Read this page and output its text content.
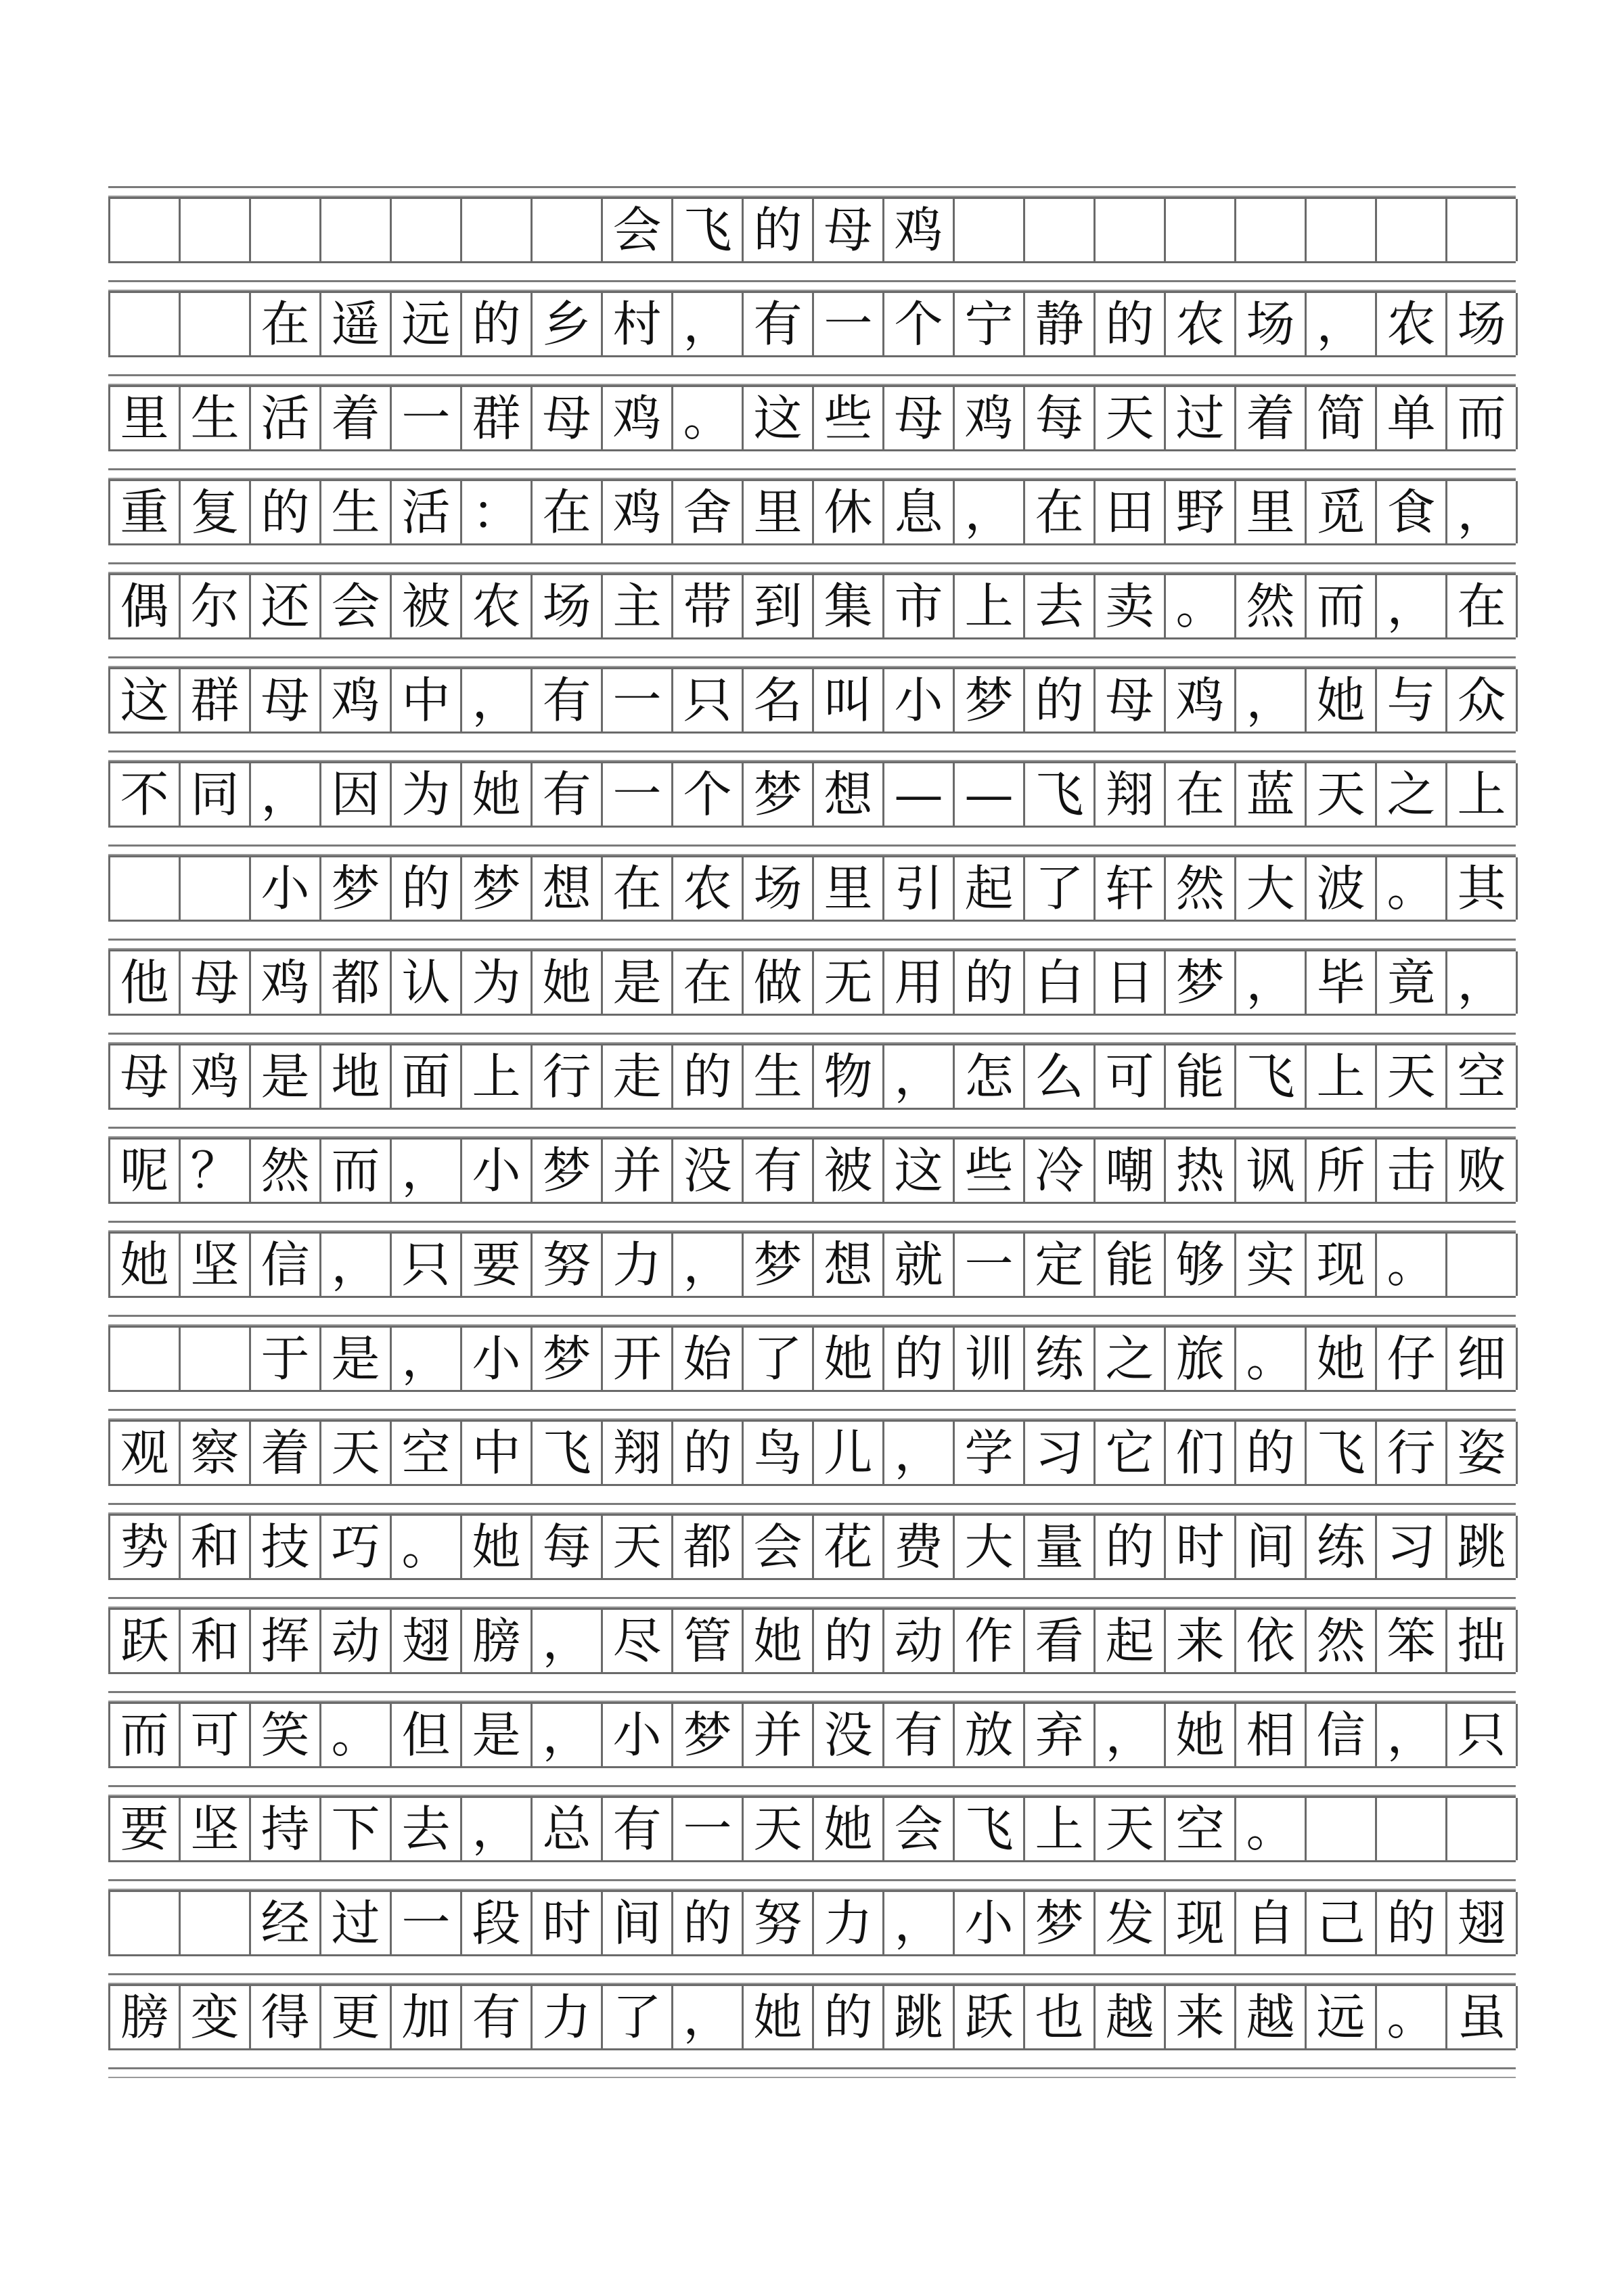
会 飞 的 母 鸡
在 遥 远 的 乡 村 ， 有 一 个 宁 静 的 农 场 ， 农 场
里 生 活 着 一 群 母 鸡 。 这 些 母 鸡 每 天 过 着 简 单 而
重 复 的 生 活 ： 在 鸡 舍 里 休 息 ， 在 田 野 里 觅 食 ，
偶 尔 还 会 被 农 场 主 带 到 集 市 上 去 卖 。 然 而 ， 在
这 群 母 鸡 中 ， 有 一 只 名 叫 小 梦 的 母 鸡 ， 她 与 众
不 同 ， 因 为 她 有 一 个 梦 想 — — 飞 翔 在 蓝 天 之 上
小 梦 的 梦 想 在 农 场 里 引 起 了 轩 然 大 波 。 其
他 母 鸡 都 认 为 她 是 在 做 无 用 的 白 日 梦 ， 毕 竟 ，
母 鸡 是 地 面 上 行 走 的 生 物 ， 怎 么 可 能 飞 上 天 空
呢 ？ 然 而 ， 小 梦 并 没 有 被 这 些 冷 嘲 热 讽 所 击 败
她 坚 信 ， 只 要 努 力 ， 梦 想 就 一 定 能 够 实 现 。
于 是 ， 小 梦 开 始 了 她 的 训 练 之 旅 。 她 仔 细
观 察 着 天 空 中 飞 翔 的 鸟 儿 ， 学 习 它 们 的 飞 行 姿
势 和 技 巧 。 她 每 天 都 会 花 费 大 量 的 时 间 练 习 跳
跃 和 挥 动 翅 膀 ， 尽 管 她 的 动 作 看 起 来 依 然 笨 拙
而 可 笑 。 但 是 ， 小 梦 并 没 有 放 弃 ， 她 相 信 ， 只
要 坚 持 下 去 ， 总 有 一 天 她 会 飞 上 天 空 。
经 过 一 段 时 间 的 努 力 ， 小 梦 发 现 自 己 的 翅
膀 变 得 更 加 有 力 了 ， 她 的 跳 跃 也 越 来 越 远 。 虽
